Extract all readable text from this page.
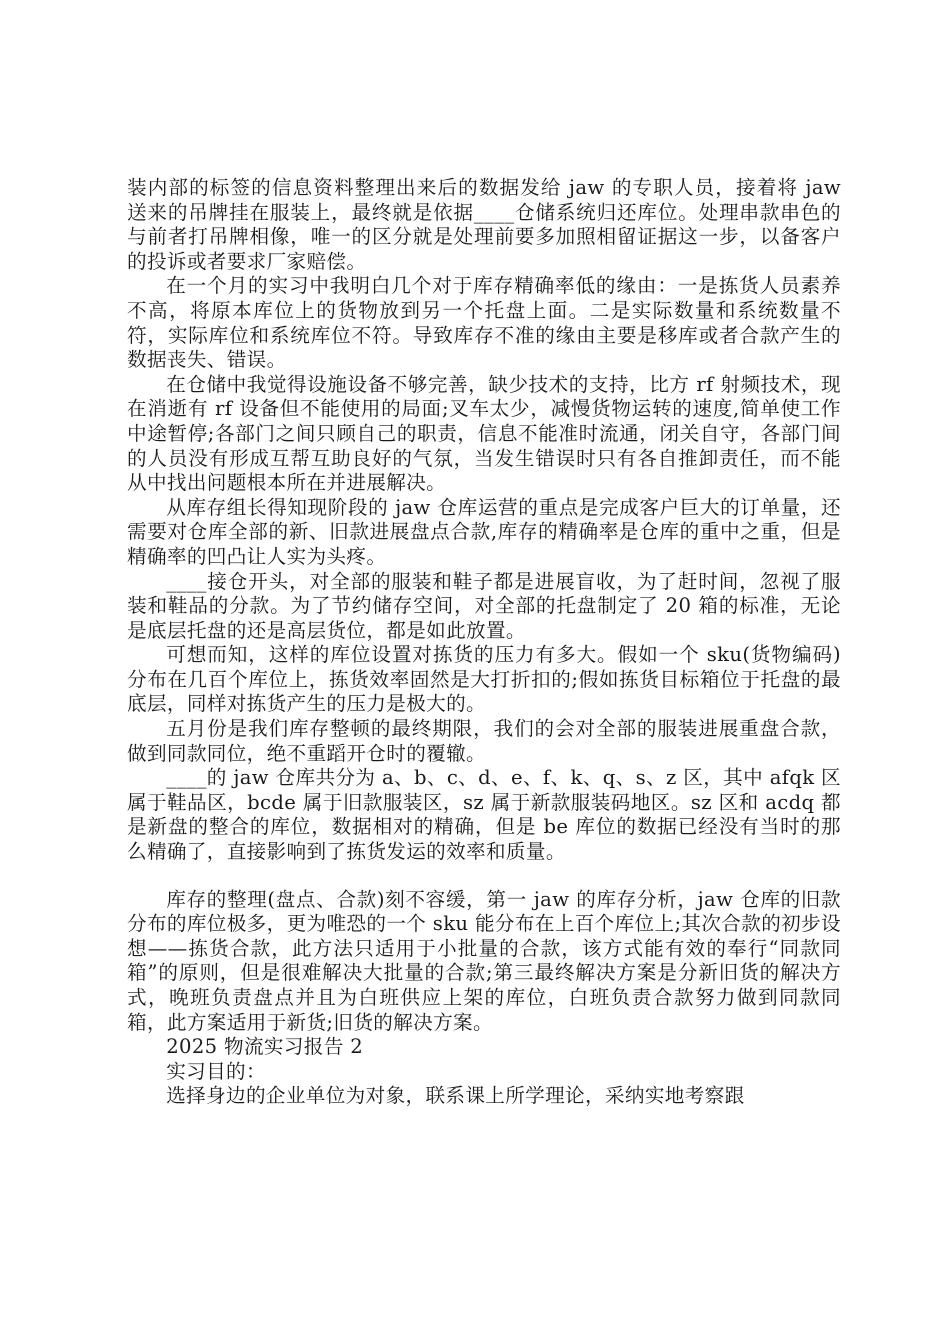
装内部的标签的信息资料整理出来后的数据发给 jaw 的专职人员，接着将 jaw 送来的吊牌挂在服装上，最终就是依据____仓储系统归还库位。处理串款串色的与前者打吊牌相像，唯一的区分就是处理前要多加照相留证据这一步，以备客户的投诉或者要求厂家赔偿。

在一个月的实习中我明白几个对于库存精确率低的缘由：一是拣货人员素养不高，将原本库位上的货物放到另一个托盘上面。二是实际数量和系统数量不符，实际库位和系统库位不符。导致库存不准的缘由主要是移库或者合款产生的数据丧失、错误。

在仓储中我觉得设施设备不够完善，缺少技术的支持，比方 rf 射频技术，现在消逝有 rf 设备但不能使用的局面;叉车太少，减慢货物运转的速度,简单使工作中途暂停;各部门之间只顾自己的职责，信息不能准时流通，闭关自守，各部门间的人员没有形成互帮互助良好的气氛，当发生错误时只有各自推卸责任，而不能从中找出问题根本所在并进展解决。

从库存组长得知现阶段的 jaw 仓库运营的重点是完成客户巨大的订单量，还需要对仓库全部的新、旧款进展盘点合款,库存的精确率是仓库的重中之重，但是精确率的凹凸让人实为头疼。

____接仓开头，对全部的服装和鞋子都是进展盲收，为了赶时间，忽视了服装和鞋品的分款。为了节约储存空间，对全部的托盘制定了 20 箱的标准，无论是底层托盘的还是高层货位，都是如此放置。

可想而知，这样的库位设置对拣货的压力有多大。假如一个 sku(货物编码)分布在几百个库位上，拣货效率固然是大打折扣的;假如拣货目标箱位于托盘的最底层，同样对拣货产生的压力是极大的。

五月份是我们库存整顿的最终期限，我们的会对全部的服装进展重盘合款，做到同款同位，绝不重蹈开仓时的覆辙。

____的 jaw 仓库共分为 a、b、c、d、e、f、k、q、s、z 区，其中 afqk 区属于鞋品区，bcde 属于旧款服装区，sz 属于新款服装码地区。sz 区和 acdq 都是新盘的整合的库位，数据相对的精确，但是 be 库位的数据已经没有当时的那么精确了，直接影响到了拣货发运的效率和质量。

库存的整理(盘点、合款)刻不容缓，第一 jaw 的库存分析，jaw 仓库的旧款分布的库位极多，更为唯恐的一个 sku 能分布在上百个库位上;其次合款的初步设想——拣货合款，此方法只适用于小批量的合款，该方式能有效的奉行“同款同箱”的原则，但是很难解决大批量的合款;第三最终解决方案是分新旧货的解决方式，晚班负责盘点并且为白班供应上架的库位，白班负责合款努力做到同款同箱，此方案适用于新货;旧货的解决方案。

2025 物流实习报告 2

实习目的：

选择身边的企业单位为对象，联系课上所学理论，采纳实地考察跟
